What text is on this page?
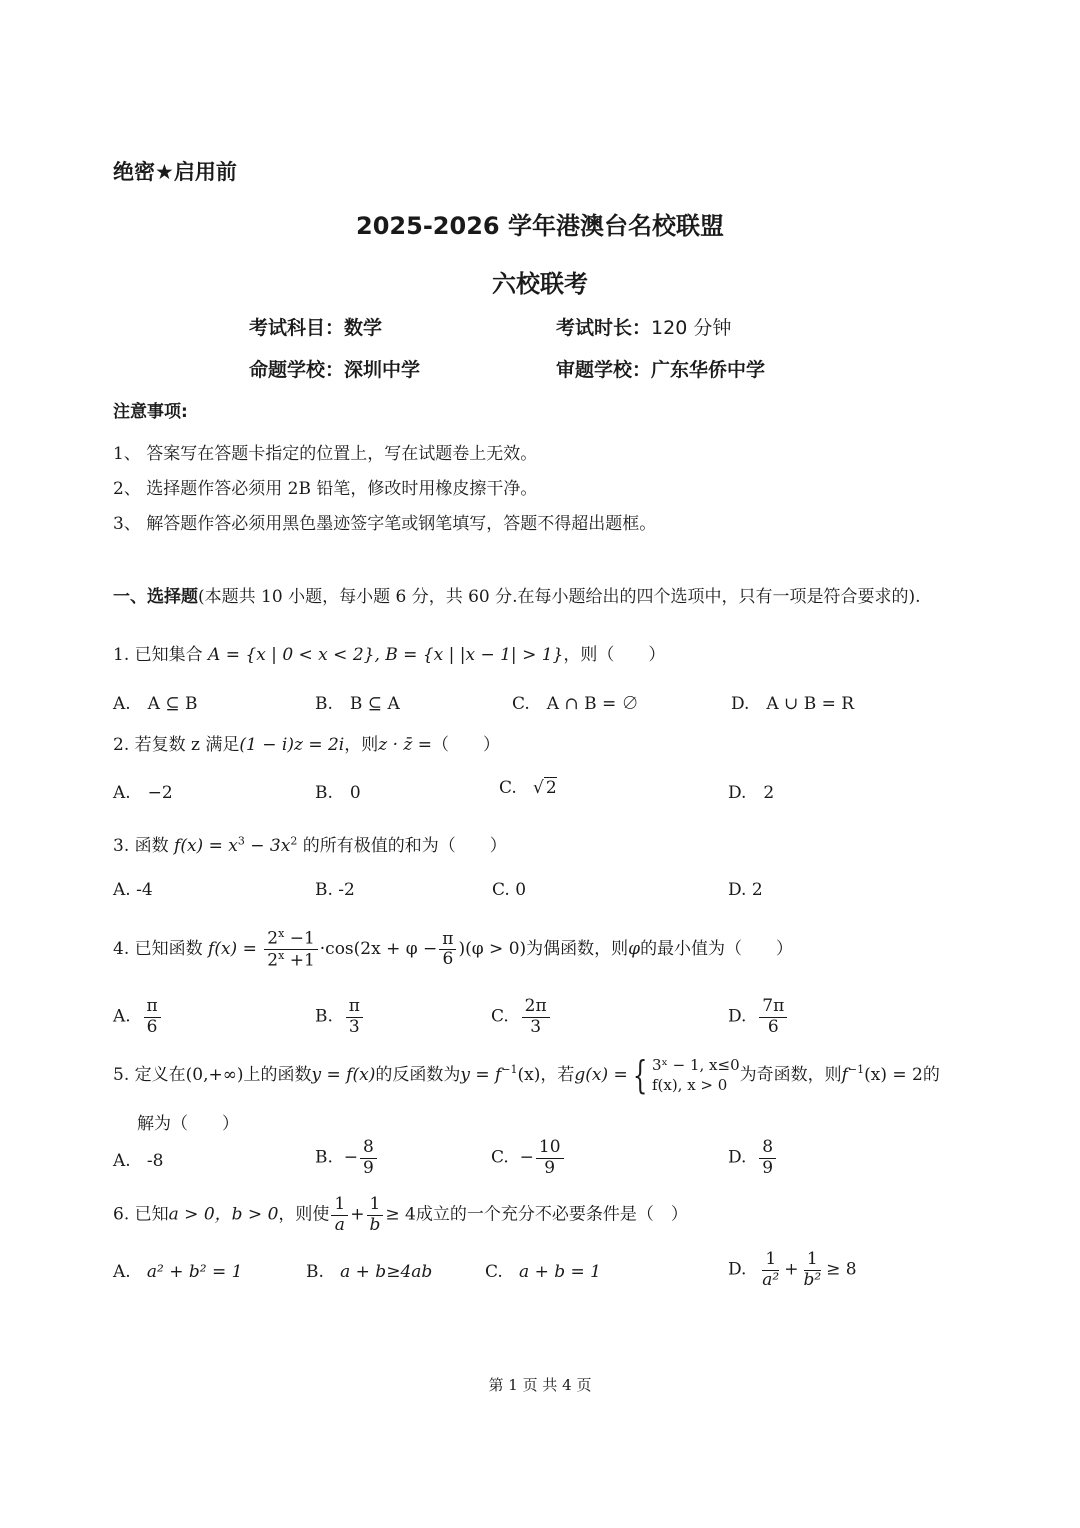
绝密★启用前
2025-2026 学年港澳台名校联盟
六校联考
考试科目：数学	考试时长：120 分钟
命题学校：深圳中学	审题学校：广东华侨中学
注意事项:
1、 答案写在答题卡指定的位置上，写在试题卷上无效。
2、 选择题作答必须用 2B 铅笔，修改时用橡皮擦干净。
3、 解答题作答必须用黑色墨迹签字笔或钢笔填写，答题不得超出题框。
一、选择题(本题共 10 小题，每小题 6 分，共 60 分.在每小题给出的四个选项中，只有一项是符合要求的).
1. 已知集合 A = {x | 0 < x < 2}, B = {x | |x − 1| > 1}，则（　　）
A.　A ⊆ B	B.　B ⊆ A	C.　A ∩ B = ∅	D.　A ∪ B = R
2. 若复数 z 满足(1 − i)z = 2i，则z · z̄ =（　　）
A.　−2	B.　0	C.   √ 2	D.　2
3. 函数 $f(x) = x^3 - 3x^2$ 的所有极值的和为（　　）
A. -4	B. -2	C. 0	D. 2
4. 已知函数 $f(x) = \frac{2^x -1}{2^x +1} \cdot\cos(2x + \varphi - \frac{\pi}{6} )(\varphi > 0)$为偶函数，则φ的最小值为（　　）
A. $\frac{\pi}{6}$	B. $\frac{\pi}{3}$	C. $\frac{2\pi}{3}$	D. $\frac{7\pi}{6}$
5. 定义在(0,+∞)上的函数y = f(x)的反函数为$y = f^{-1}(x)$，若g(x) = { 3ˣ − 1, x≤0
f(x), x > 0
为奇函数，则$f^{-1}(x) = 2$的
解为（　　）
A. -8	B. − $\frac{8}{9}$	C. − $\frac{10}{9}$	D. $\frac{8}{9}$
6. 已知a > 0，b > 0，则使 $\frac{1}{a} + \frac{1}{b} \ge 4$成立的一个充分不必要条件是（　）
A. a² + b² = 1	B. a + b≥4ab	C. a + b = 1	D. $\frac{1}{\text{a²}} + \frac{1}{\text{b²}} \ge 8$
第 1 页 共 4 页
